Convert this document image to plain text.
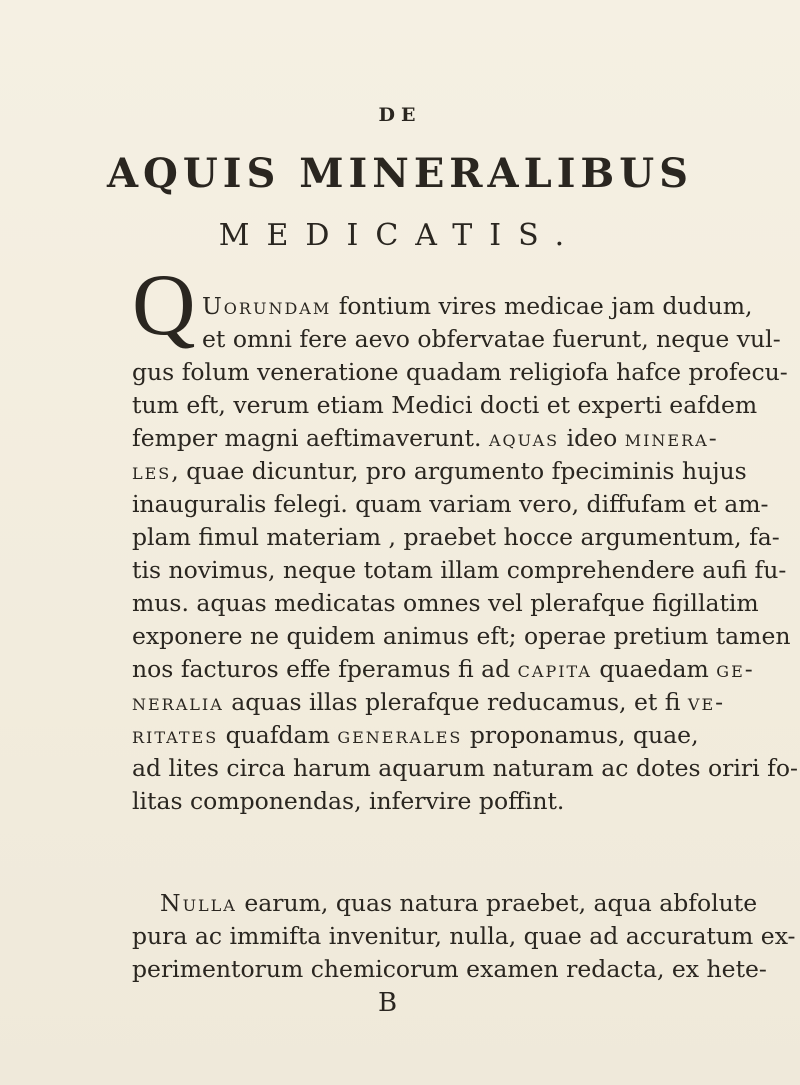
DE
AQUIS MINERALIBUS
MEDICATIS.
Q Uorundam fontium vires medicae jam dudum,
et omni fere aevo obfervatae fuerunt, neque vul-
gus folum veneratione quadam religiofa hafce profecu-
tum eft, verum etiam Medici docti et experti eafdem
femper magni aeftimaverunt. aquas ideo minera-
les, quae dicuntur, pro argumento fpeciminis hujus
inauguralis felegi. quam variam vero, diffufam et am-
plam fimul materiam , praebet hocce argumentum, fa-
tis novimus, neque totam illam comprehendere aufi fu-
mus. aquas medicatas omnes vel plerafque figillatim
exponere ne quidem animus eft; operae pretium tamen
nos facturos effe fperamus fi ad capita quaedam ge-
neralia aquas illas plerafque reducamus, et fi ve-
ritates quafdam generales proponamus, quae,
ad lites circa harum aquarum naturam ac dotes oriri fo-
litas componendas, infervire poffint.
Nulla earum, quas natura praebet, aqua abfolute
pura ac immifta invenitur, nulla, quae ad accuratum ex-
perimentorum chemicorum examen redacta, ex hete-
B
